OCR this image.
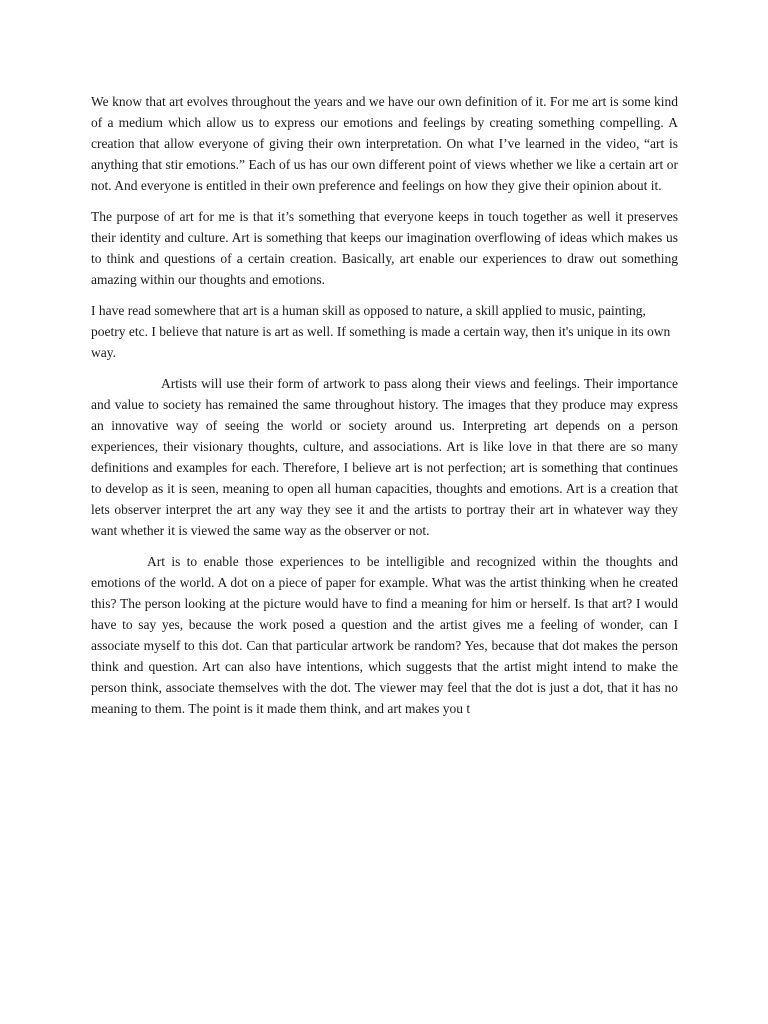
We know that art evolves throughout the years and we have our own definition of it. For me art is some kind of a medium which allow us to express our emotions and feelings by creating something compelling. A creation that allow everyone of giving their own interpretation. On what I’ve learned in the video, “art is anything that stir emotions.” Each of us has our own different point of views whether we like a certain art or not. And everyone is entitled in their own preference and feelings on how they give their opinion about it.

The purpose of art for me is that it’s something that everyone keeps in touch together as well it preserves their identity and culture. Art is something that keeps our imagination overflowing of ideas which makes us to think and questions of a certain creation. Basically, art enable our experiences to draw out something amazing within our thoughts and emotions.

I have read somewhere that art is a human skill as opposed to nature, a skill applied to music, painting, poetry etc. I believe that nature is art as well. If something is made a certain way, then it's unique in its own way.

Artists will use their form of artwork to pass along their views and feelings. Their importance and value to society has remained the same throughout history. The images that they produce may express an innovative way of seeing the world or society around us. Interpreting art depends on a person experiences, their visionary thoughts, culture, and associations. Art is like love in that there are so many definitions and examples for each. Therefore, I believe art is not perfection; art is something that continues to develop as it is seen, meaning to open all human capacities, thoughts and emotions. Art is a creation that lets observer interpret the art any way they see it and the artists to portray their art in whatever way they want whether it is viewed the same way as the observer or not.

Art is to enable those experiences to be intelligible and recognized within the thoughts and emotions of the world. A dot on a piece of paper for example. What was the artist thinking when he created this? The person looking at the picture would have to find a meaning for him or herself. Is that art? I would have to say yes, because the work posed a question and the artist gives me a feeling of wonder, can I associate myself to this dot. Can that particular artwork be random? Yes, because that dot makes the person think and question. Art can also have intentions, which suggests that the artist might intend to make the person think, associate themselves with the dot. The viewer may feel that the dot is just a dot, that it has no meaning to them. The point is it made them think, and art makes you t
